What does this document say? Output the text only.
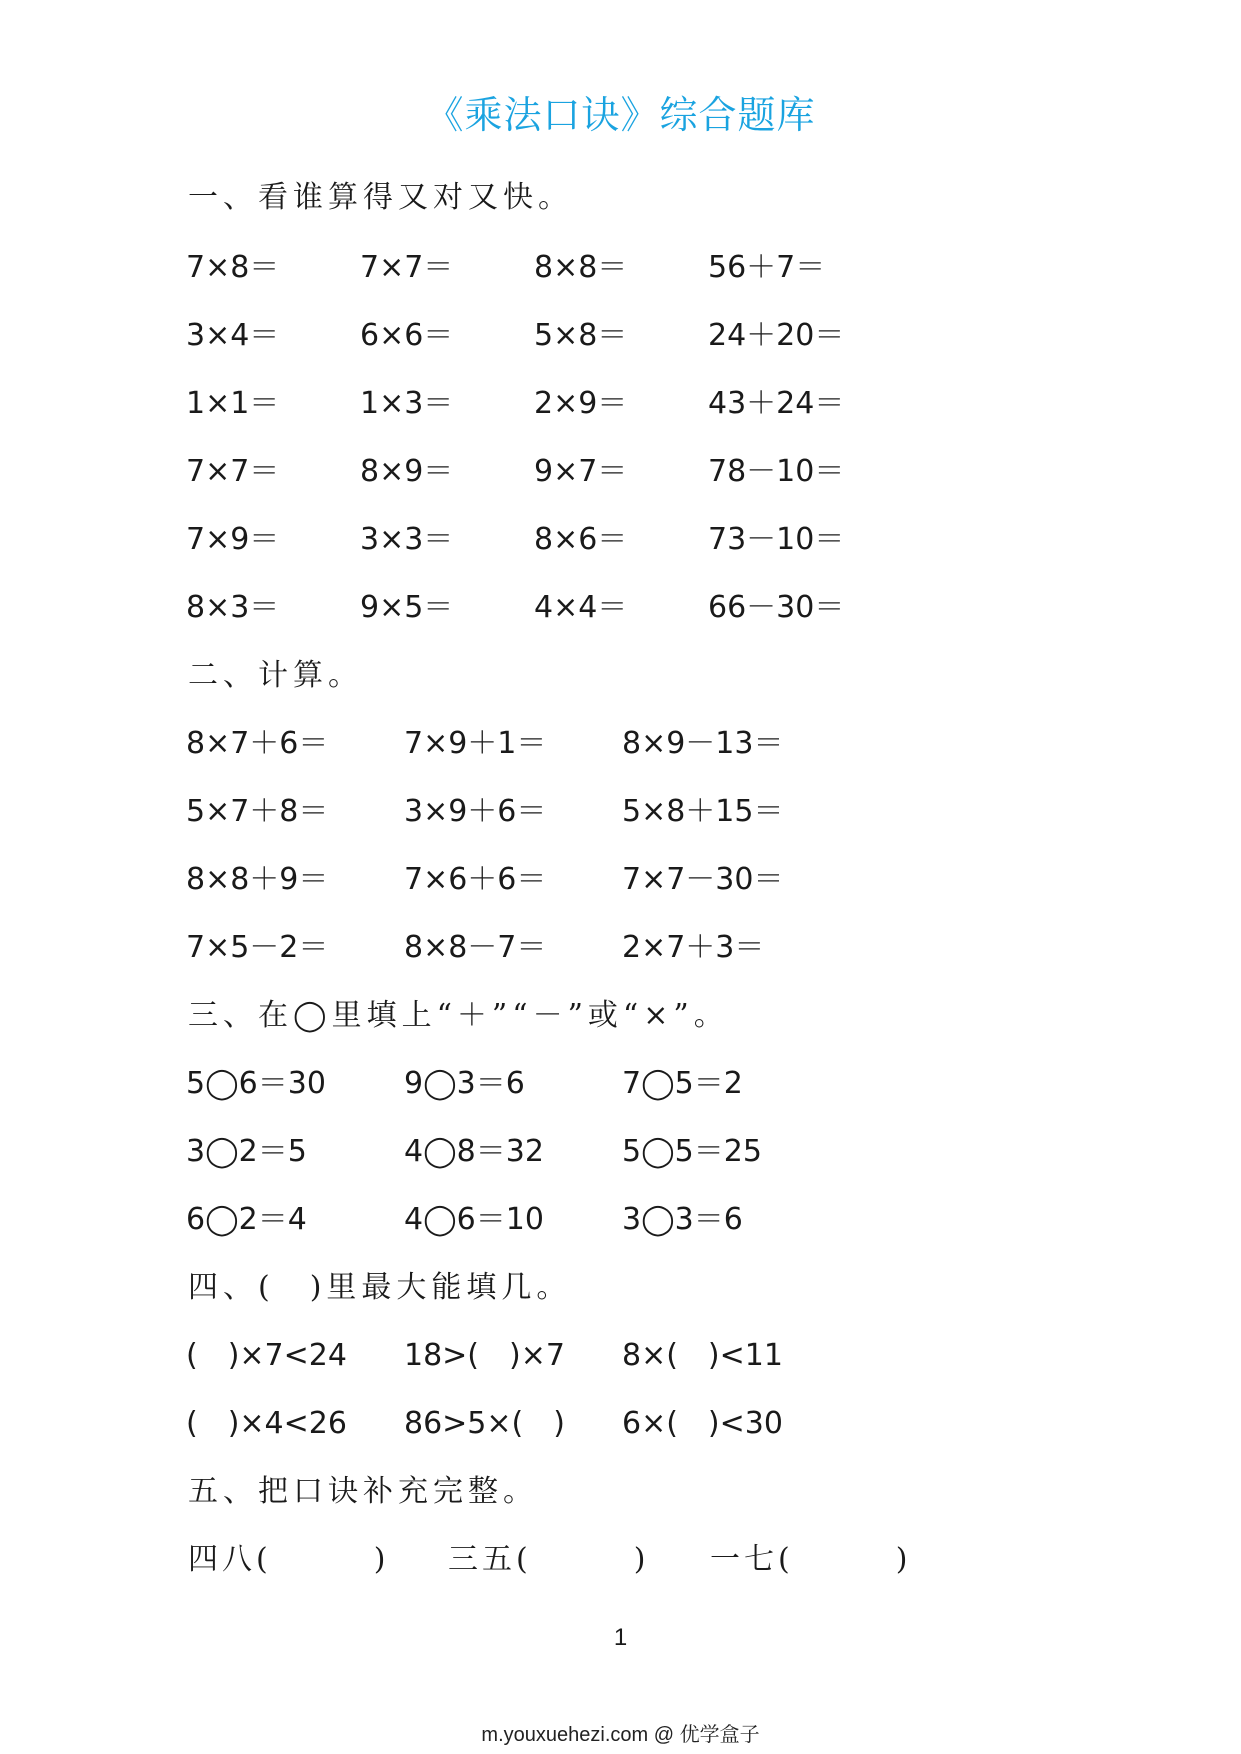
《乘法口诀》综合题库
一、看谁算得又对又快。
7×8＝	7×7＝	8×8＝	56＋7＝
3×4＝	6×6＝	5×8＝	24＋20＝
1×1＝	1×3＝	2×9＝	43＋24＝
7×7＝	8×9＝	9×7＝	78－10＝
7×9＝	3×3＝	8×6＝	73－10＝
8×3＝	9×5＝	4×4＝	66－30＝
二、计算。
8×7＋6＝	7×9＋1＝	8×9－13＝
5×7＋8＝	3×9＋6＝	5×8＋15＝
8×8＋9＝	7×6＋6＝	7×7－30＝
7×5－2＝	8×8－7＝	2×7＋3＝
三、在◯里填上“＋”“－”或“×”。
5◯6＝30	9◯3＝6	7◯5＝2
3◯2＝5	4◯8＝32	5◯5＝25
6◯2＝4	4◯6＝10	3◯3＝6
四、(　)里最大能填几。
(　)×7<24 18>(　)×7 8×(　)<11
(　)×4<26 86>5×(　) 6×(　)<30
五、把口诀补充完整。
四八(　　　) 三五(　　　) 一七(　　　)
1
m.youxuehezi.com @ 优学盒子
